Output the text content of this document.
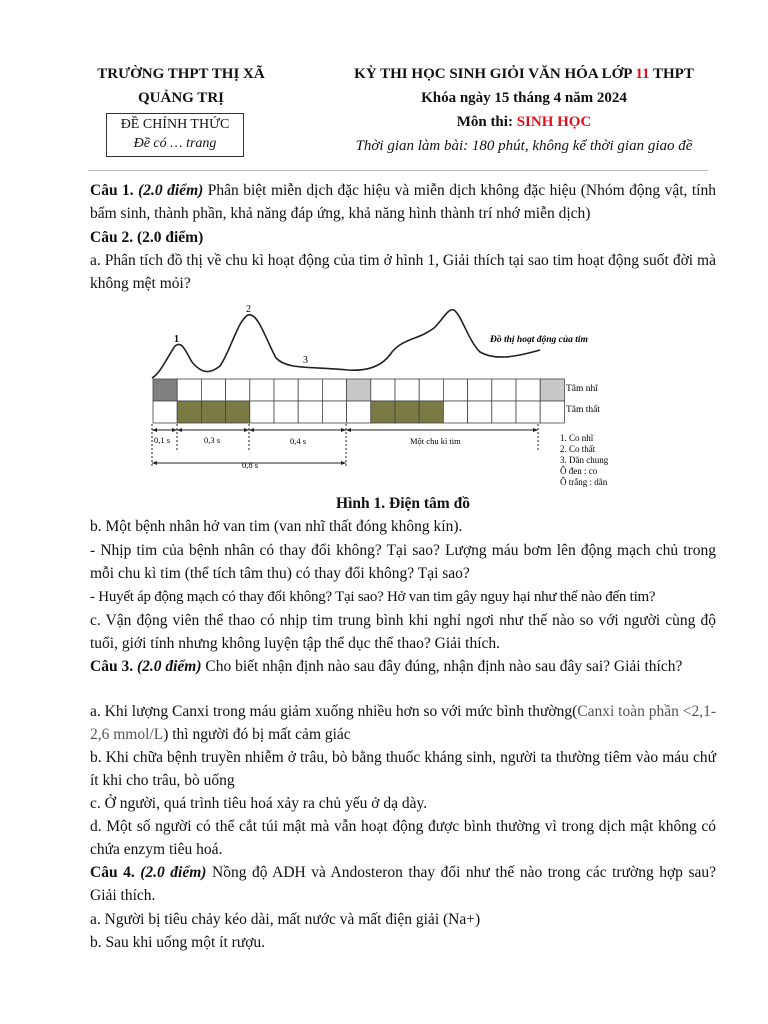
TRƯỜNG THPT THỊ XÃ
QUẢNG TRỊ
ĐỀ CHÍNH THỨC
Đề có … trang
KỲ THI HỌC SINH GIỎI VĂN HÓA LỚP 11 THPT
Khóa ngày 15 tháng 4 năm 2024
Môn thi: SINH HỌC
Thời gian làm bài: 180 phút, không kể thời gian giao đề
Câu 1. (2.0 điểm) Phân biệt miễn dịch đặc hiệu và miễn dịch không đặc hiệu (Nhóm động vật, tính bẩm sinh, thành phần, khả năng đáp ứng, khả năng hình thành trí nhớ miễn dịch)
Câu 2. (2.0 điểm)
a. Phân tích đồ thị về chu kì hoạt động của tim ở hình 1, Giải thích tại sao tim hoạt động suốt đời mà không mệt mỏi?
1
2
3
Đồ thị hoạt động của tim
Tâm nhĩ
Tâm thất
0,1 s	0,3 s	0,4 s	Một chu kì tim
0,8 s
1. Co nhĩ
2. Co thất
3. Dãn chung
Ô đen : co
Ô trắng : dãn
Hình 1. Điện tâm đồ
b. Một bệnh nhân hở van tim (van nhĩ thất đóng không kín).
- Nhịp tim của bệnh nhân có thay đổi không? Tại sao? Lượng máu bơm lên động mạch chủ trong mỗi chu kì tim (thể tích tâm thu) có thay đổi không? Tại sao?
- Huyết áp động mạch có thay đổi không? Tại sao? Hở van tim gây nguy hại như thế nào đến tim?
c. Vận động viên thể thao có nhịp tim trung bình khi nghỉ ngơi như thế nào so với người cùng độ tuổi, giới tính nhưng không luyện tập thể dục thể thao? Giải thích.
Câu 3. (2.0 điểm) Cho biết nhận định nào sau đây đúng, nhận định nào sau đây sai? Giải thích?
a. Khi lượng Canxi trong máu giảm xuống nhiều hơn so với mức bình thường(Canxi toàn phần <2,1- 2,6 mmol/L) thì người đó bị mất cảm giác
b. Khi chữa bệnh truyền nhiễm ở trâu, bò bằng thuốc kháng sinh, người ta thường tiêm vào máu chứ ít khi cho trâu, bò uống
c. Ở người, quá trình tiêu hoá xảy ra chủ yếu ở dạ dày.
d. Một số người có thể cắt túi mật mà vẫn hoạt động được bình thường vì trong dịch mật không có chứa enzym tiêu hoá.
Câu 4. (2.0 điểm) Nồng độ ADH và Andosteron thay đổi như thế nào trong các trường hợp sau? Giải thích.
a. Người bị tiêu chảy kéo dài, mất nước và mất điện giải (Na+)
b. Sau khi uống một ít rượu.
